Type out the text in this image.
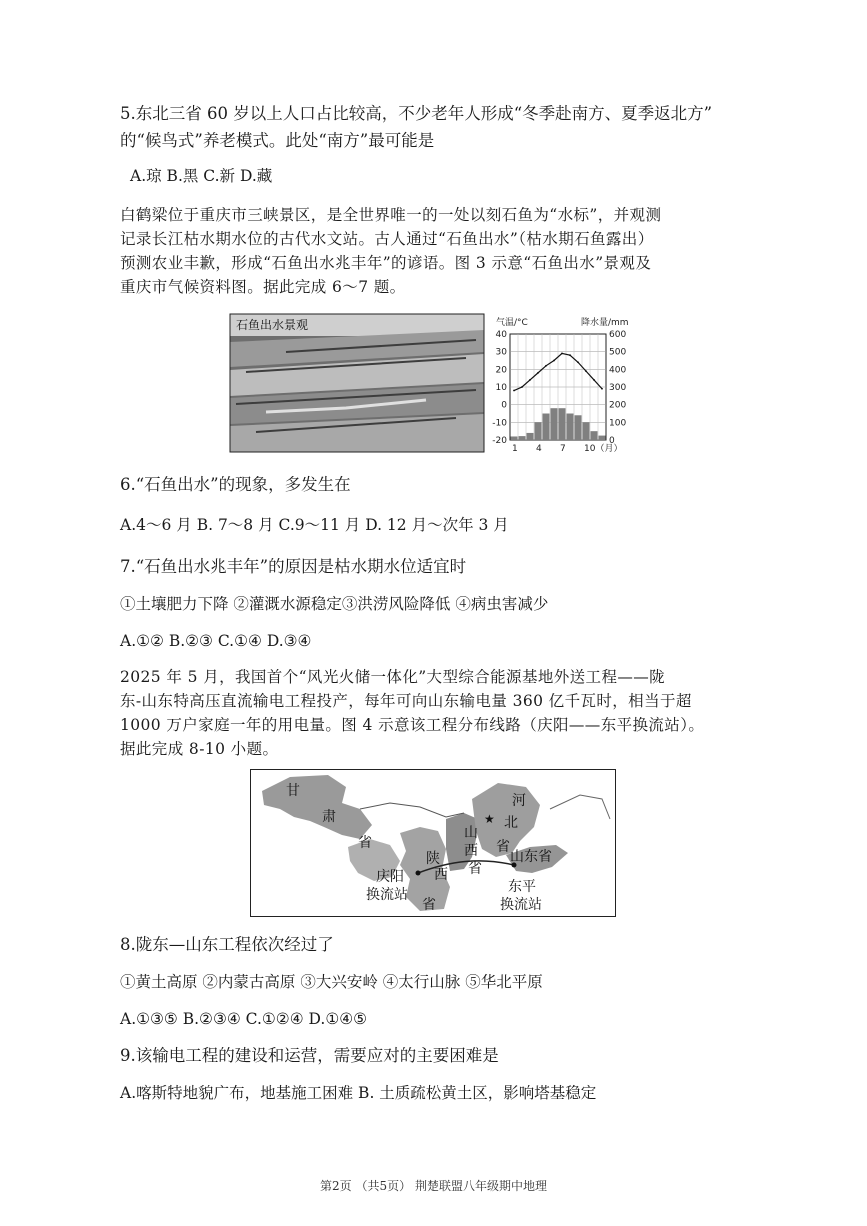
5.东北三省 60 岁以上人口占比较高，不少老年人形成“冬季赴南方、夏季返北方”
的“候鸟式”养老模式。此处“南方”最可能是
A.琼 B.黑 C.新 D.藏
白鹤梁位于重庆市三峡景区，是全世界唯一的一处以刻石鱼为“水标”，并观测
记录长江枯水期水位的古代水文站。古人通过“石鱼出水”（枯水期石鱼露出）
预测农业丰歉，形成“石鱼出水兆丰年”的谚语。图 3 示意“石鱼出水”景观及
重庆市气候资料图。据此完成 6～7 题。
石鱼出水景观	气温/°C	降水量/mm
40
30
20
10
0
-10
-20
600
500
400
300
200
100
0
1 4 7 10（月）
6.“石鱼出水”的现象，多发生在
A.4～6 月 B. 7～8 月 C.9～11 月 D. 12 月～次年 3 月
7.“石鱼出水兆丰年”的原因是枯水期水位适宜时
①土壤肥力下降 ②灌溉水源稳定③洪涝风险降低 ④病虫害减少
A.①② B.②③ C.①④ D.③④
2025 年 5 月，我国首个“风光火储一体化”大型综合能源基地外送工程——陇
东-山东特高压直流输电工程投产，每年可向山东输电量 360 亿千瓦时，相当于超
1000 万户家庭一年的用电量。图 4 示意该工程分布线路（庆阳——东平换流站）。
据此完成 8-10 小题。
★
甘
肃
省
山
西
省
陕
西
省
河
北
省
山东省
庆阳
换流站	东平
换流站
8.陇东—山东工程依次经过了
①黄土高原 ②内蒙古高原 ③大兴安岭 ④太行山脉 ⑤华北平原
A.①③⑤ B.②③④ C.①②④ D.①④⑤
9.该输电工程的建设和运营，需要应对的主要困难是
A.喀斯特地貌广布，地基施工困难 B. 土质疏松黄土区，影响塔基稳定
第2页 （共5页） 荆楚联盟八年级期中地理
